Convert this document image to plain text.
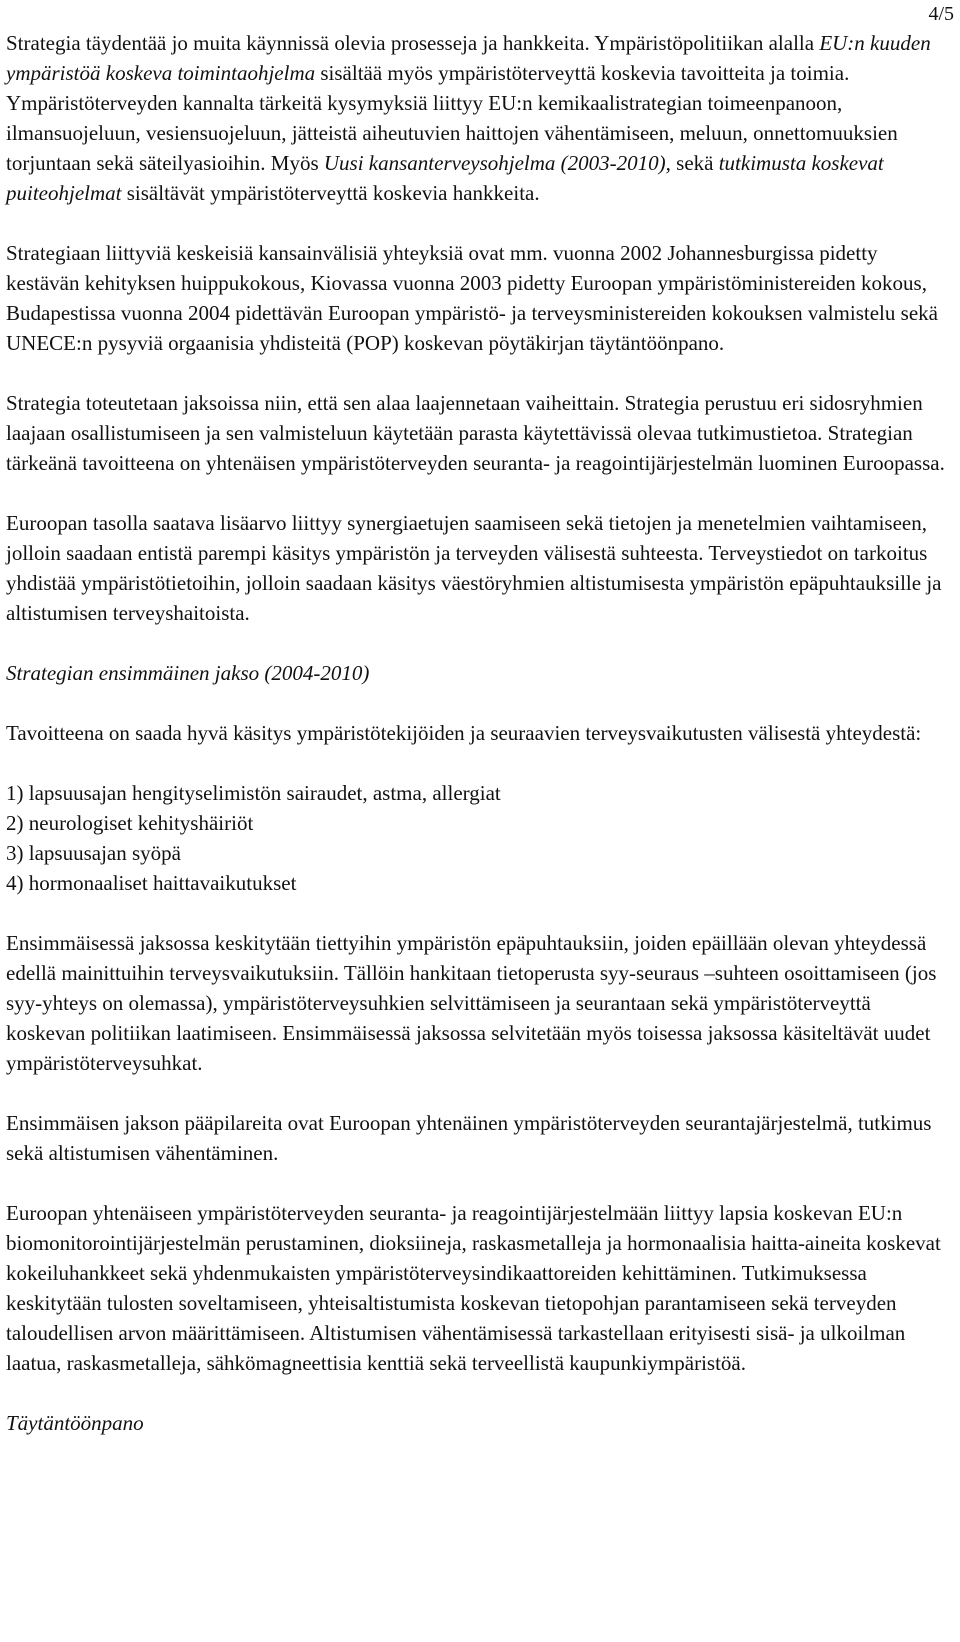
4/5

Strategia täydentää jo muita käynnissä olevia prosesseja ja hankkeita. Ympäristöpolitiikan alalla EU:n kuuden ympäristöä koskeva toimintaohjelma sisältää myös ympäristöterveyttä koskevia tavoitteita ja toimia. Ympäristöterveyden kannalta tärkeitä kysymyksiä liittyy EU:n kemikaalistrategian toimeenpanoon, ilmansuojeluun, vesiensuojeluun, jätteistä aiheutuvien haittojen vähentämiseen, meluun, onnettomuuksien torjuntaan sekä säteilyasioihin. Myös Uusi kansanterveysohjelma (2003-2010), sekä tutkimusta koskevat puiteohjelmat sisältävät ympäristöterveyttä koskevia hankkeita.

Strategiaan liittyviä keskeisiä kansainvälisiä yhteyksiä ovat mm. vuonna 2002 Johannesburgissa pidetty kestävän kehityksen huippukokous, Kiovassa vuonna 2003 pidetty Euroopan ympäristöministereiden kokous, Budapestissa vuonna 2004 pidettävän Euroopan ympäristö- ja terveysministereiden kokouksen valmistelu sekä UNECE:n pysyviä orgaanisia yhdisteitä (POP) koskevan pöytäkirjan täytäntöönpano.

Strategia toteutetaan jaksoissa niin, että sen alaa laajennetaan vaiheittain. Strategia perustuu eri sidosryhmien laajaan osallistumiseen ja sen valmisteluun käytetään parasta käytettävissä olevaa tutkimustietoa. Strategian tärkeänä tavoitteena on yhtenäisen ympäristöterveyden seuranta- ja reagointijärjestelmän luominen Euroopassa.

Euroopan tasolla saatava lisäarvo liittyy synergiaetujen saamiseen sekä tietojen ja menetelmien vaihtamiseen, jolloin saadaan entistä parempi käsitys ympäristön ja terveyden välisestä suhteesta. Terveystiedot on tarkoitus yhdistää ympäristötietoihin, jolloin saadaan käsitys väestöryhmien altistumisesta ympäristön epäpuhtauksille ja altistumisen terveyshaitoista.

Strategian ensimmäinen jakso (2004-2010)

Tavoitteena on saada hyvä käsitys ympäristötekijöiden ja seuraavien terveysvaikutusten välisestä yhteydestä:

1) lapsuusajan hengityselimistön sairaudet, astma, allergiat
2) neurologiset kehityshäiriöt
3) lapsuusajan syöpä
4) hormonaaliset haittavaikutukset

Ensimmäisessä jaksossa keskitytään tiettyihin ympäristön epäpuhtauksiin, joiden epäillään olevan yhteydessä edellä mainittuihin terveysvaikutuksiin. Tällöin hankitaan tietoperusta syy-seuraus –suhteen osoittamiseen (jos syy-yhteys on olemassa), ympäristöterveysuhkien selvittämiseen ja seurantaan sekä ympäristöterveyttä koskevan politiikan laatimiseen. Ensimmäisessä jaksossa selvitetään myös toisessa jaksossa käsiteltävät uudet ympäristöterveysuhkat.

Ensimmäisen jakson pääpilareita ovat Euroopan yhtenäinen ympäristöterveyden seurantajärjestelmä, tutkimus sekä altistumisen vähentäminen.

Euroopan yhtenäiseen ympäristöterveyden seuranta- ja reagointijärjestelmään liittyy lapsia koskevan EU:n biomonitorointijärjestelmän perustaminen, dioksiineja, raskasmetalleja ja hormonaalisia haitta-aineita koskevat kokeiluhankkeet sekä yhdenmukaisten ympäristöterveysindikaattoreiden kehittäminen. Tutkimuksessa keskitytään tulosten soveltamiseen, yhteisaltistumista koskevan tietopohjan parantamiseen sekä terveyden taloudellisen arvon määrittämiseen. Altistumisen vähentämisessä tarkastellaan erityisesti sisä- ja ulkoilman laatua, raskasmetalleja, sähkömagneettisia kenttiä sekä terveellistä kaupunkiympäristöä.

Täytäntöönpano
